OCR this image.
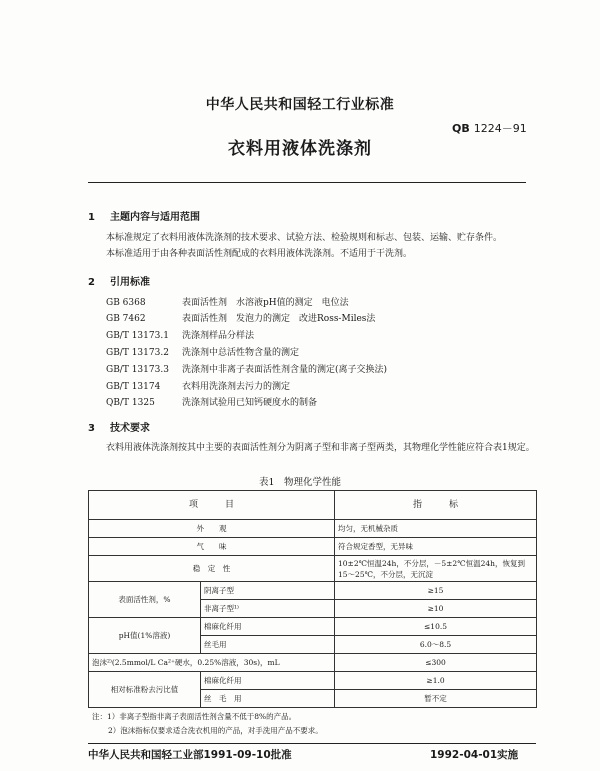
中华人民共和国轻工行业标准
QB 1224－91
衣料用液体洗涤剂
1 主题内容与适用范围
本标准规定了衣料用液体洗涤剂的技术要求、试验方法、检验规则和标志、包装、运输、贮存条件。
本标准适用于由各种表面活性剂配成的衣料用液体洗涤剂。不适用于干洗剂。
2 引用标准
GB 6368	表面活性剂　水溶液pH值的测定　电位法
GB 7462	表面活性剂　发泡力的测定　改进Ross-Miles法
GB/T 13173.1 洗涤剂样品分样法
GB/T 13173.2 洗涤剂中总活性物含量的测定
GB/T 13173.3 洗涤剂中非离子表面活性剂含量的测定(离子交换法)
GB/T 13174 衣料用洗涤剂去污力的测定
QB/T 1325	洗涤剂试验用已知钙硬度水的制备
3 技术要求
衣料用液体洗涤剂按其中主要的表面活性剂分为阴离子型和非离子型两类，其物理化学性能应符合表1规定。
表1　物理化学性能
项　　　目		指　　　标
外　　观		均匀，无机械杂质
气　　味		符合规定香型，无异味
稳　定　性		10±2℃恒温24h，不分层，－5±2℃恒温24h，恢复到15～25℃，不分层，无沉淀
表面活性剂，%	阴离子型	≥15
	非离子型¹⁾	≥10
pH值(1%溶液)	棉麻化纤用	≤10.5
	丝毛用	6.0～8.5
泡沫²⁾(2.5mmol/L Ca²⁺硬水，0.25%溶液，30s)，mL		≤300
相对标准粉去污比值	棉麻化纤用	≥1.0
	丝　毛　用	暂不定
注：1）非离子型指非离子表面活性剂含量不低于8%的产品。
2）泡沫指标仅要求适合洗衣机用的产品，对手洗用产品不要求。
中华人民共和国轻工业部1991-09-10批准	1992-04-01实施
